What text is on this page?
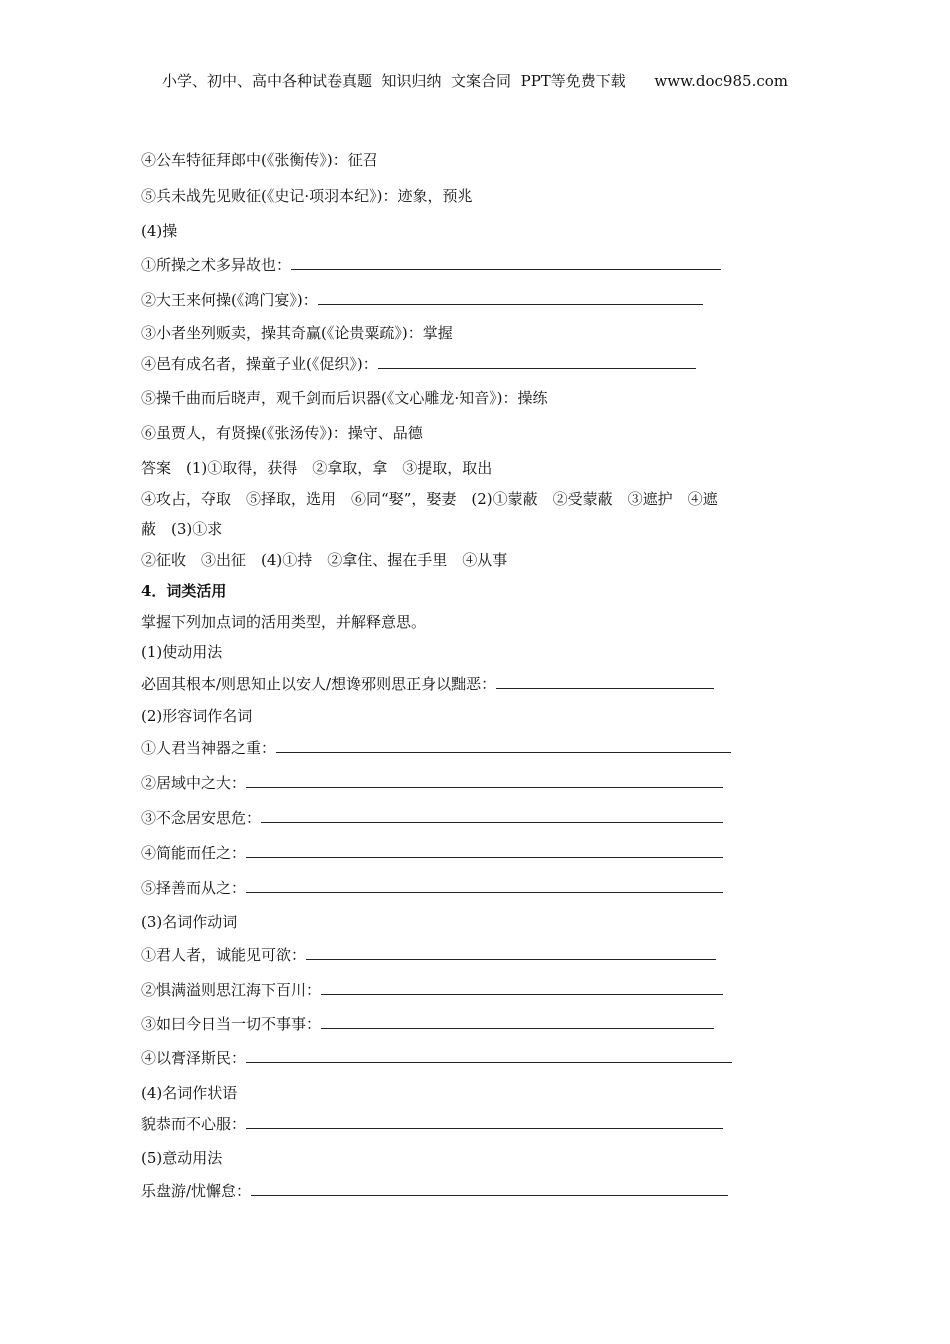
小学、初中、高中各种试卷真题  知识归纳  文案合同  PPT等免费下载      www.doc985.com
④公车特征拜郎中(《张衡传》)：征召
⑤兵未战先见败征(《史记·项羽本纪》)：迹象，预兆
(4)操
①所操之术多异故也：
②大王来何操(《鸿门宴》)：
③小者坐列贩卖，操其奇赢(《论贵粟疏》)：掌握
④邑有成名者，操童子业(《促织》)：
⑤操千曲而后晓声，观千剑而后识器(《文心雕龙·知音》)：操练
⑥虽贾人，有贤操(《张汤传》)：操守、品德
答案　(1)①取得，获得　②拿取，拿　③提取，取出
④攻占，夺取　⑤择取，选用　⑥同“娶”，娶妻　(2)①蒙蔽　②受蒙蔽　③遮护　④遮
蔽　(3)①求
②征收　③出征　(4)①持　②拿住、握在手里　④从事
4．词类活用
掌握下列加点词的活用类型，并解释意思。
(1)使动用法
必固其根本/则思知止以安人/想谗邪则思正身以黜恶：
(2)形容词作名词
①人君当神器之重：
②居域中之大：
③不念居安思危：
④简能而任之：
⑤择善而从之：
(3)名词作动词
①君人者，诚能见可欲：
②惧满溢则思江海下百川：
③如曰今日当一切不事事：
④以膏泽斯民：
(4)名词作状语
貌恭而不心服：
(5)意动用法
乐盘游/忧懈怠：
